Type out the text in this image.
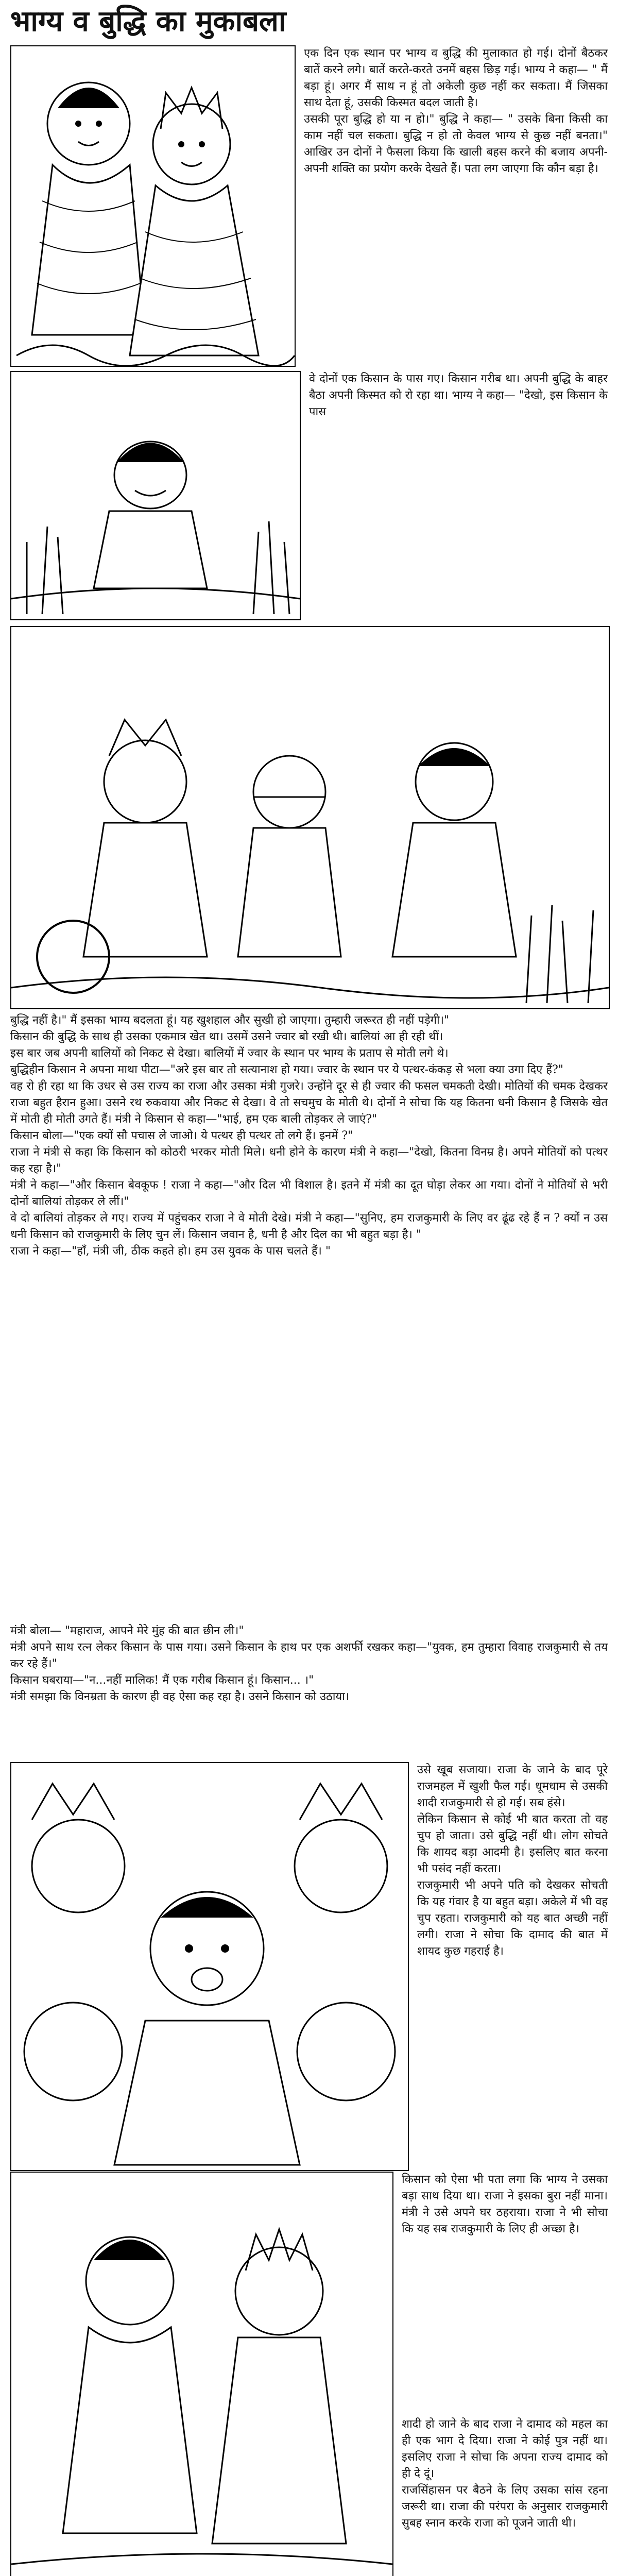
भाग्य व बुद्धि का मुकाबला
एक दिन एक स्थान पर भाग्य व बुद्धि की मुलाकात हो गई। दोनों बैठकर बातें करने लगे। बातें करते-करते उनमें बहस छिड़ गई। भाग्य ने कहा— " मैं बड़ा हूं। अगर मैं साथ न हूं तो अकेली कुछ नहीं कर सकता। मैं जिसका साथ देता हूं, उसकी किस्मत बदल जाती है।
उसकी पूरा बुद्धि हो या न हो।" बुद्धि ने कहा— " उसके बिना किसी का काम नहीं चल सकता। बुद्धि न हो तो केवल भाग्य से कुछ नहीं बनता।" आखिर उन दोनों ने फैसला किया कि खाली बहस करने की बजाय अपनी-अपनी शक्ति का प्रयोग करके देखते हैं। पता लग जाएगा कि कौन बड़ा है।
वे दोनों एक किसान के पास गए। किसान गरीब था। अपनी बुद्धि के बाहर बैठा अपनी किस्मत को रो रहा था। भाग्य ने कहा— "देखो, इस किसान के पास
बुद्धि नहीं है।" मैं इसका भाग्य बदलता हूं। यह खुशहाल और सुखी हो जाएगा। तुम्हारी जरूरत ही नहीं पड़ेगी।"
किसान की बुद्धि के साथ ही उसका एकमात्र खेत था। उसमें उसने ज्वार बो रखी थी। बालियां आ ही रही थीं।
इस बार जब अपनी बालियों को निकट से देखा। बालियों में ज्वार के स्थान पर भाग्य के प्रताप से मोती लगे थे।
बुद्धिहीन किसान ने अपना माथा पीटा—"अरे इस बार तो सत्यानाश हो गया। ज्वार के स्थान पर ये पत्थर-कंकड़ से भला क्या उगा दिए हैं?"
वह रो ही रहा था कि उधर से उस राज्य का राजा और उसका मंत्री गुजरे। उन्होंने दूर से ही ज्वार की फसल चमकती देखी। मोतियों की चमक देखकर राजा बहुत हैरान हुआ। उसने रथ रुकवाया और निकट से देखा। वे तो सचमुच के मोती थे। दोनों ने सोचा कि यह कितना धनी किसान है जिसके खेत में मोती ही मोती उगते हैं। मंत्री ने किसान से कहा—"भाई, हम एक बाली तोड़कर ले जाएं?"
किसान बोला—"एक क्यों सौ पचास ले जाओ। ये पत्थर ही पत्थर तो लगे हैं। इनमें ?"
राजा ने मंत्री से कहा कि किसान को कोठरी भरकर मोती मिले। धनी होने के कारण मंत्री ने कहा—"देखो, कितना विनम्र है। अपने मोतियों को पत्थर कह रहा है।"
मंत्री ने कहा—"और किसान बेवकूफ ! राजा ने कहा—"और दिल भी विशाल है। इतने में मंत्री का दूत घोड़ा लेकर आ गया। दोनों ने मोतियों से भरी दोनों बालियां तोड़कर ले लीं।"
वे दो बालियां तोड़कर ले गए। राज्य में पहुंचकर राजा ने वे मोती देखे। मंत्री ने कहा—"सुनिए, हम राजकुमारी के लिए वर ढूंढ रहे हैं न ? क्यों न उस धनी किसान को राजकुमारी के लिए चुन लें। किसान जवान है, धनी है और दिल का भी बहुत बड़ा है। "
राजा ने कहा—"हाँ, मंत्री जी, ठीक कहते हो। हम उस युवक के पास चलते हैं। "
मंत्री बोला— "महाराज, आपने मेरे मुंह की बात छीन ली।"
मंत्री अपने साथ रत्न लेकर किसान के पास गया। उसने किसान के हाथ पर एक अशर्फी रखकर कहा—"युवक, हम तुम्हारा विवाह राजकुमारी से तय कर रहे हैं।"
किसान घबराया—"न...नहीं मालिक! मैं एक गरीब किसान हूं। किसान... ।"
मंत्री समझा कि विनम्रता के कारण ही वह ऐसा कह रहा है। उसने किसान को उठाया।
उसे खूब सजाया। राजा के जाने के बाद पूरे राजमहल में खुशी फैल गई। धूमधाम से उसकी शादी राजकुमारी से हो गई। सब हंसे।
लेकिन किसान से कोई भी बात करता तो वह चुप हो जाता। उसे बुद्धि नहीं थी। लोग सोचते कि शायद बड़ा आदमी है। इसलिए बात करना भी पसंद नहीं करता।
राजकुमारी भी अपने पति को देखकर सोचती कि यह गंवार है या बहुत बड़ा। अकेले में भी वह चुप रहता। राजकुमारी को यह बात अच्छी नहीं लगी। राजा ने सोचा कि दामाद की बात में शायद कुछ गहराई है।
किसान को ऐसा भी पता लगा कि भाग्य ने उसका बड़ा साथ दिया था। राजा ने इसका बुरा नहीं माना। मंत्री ने उसे अपने घर ठहराया। राजा ने भी सोचा कि यह सब राजकुमारी के लिए ही अच्छा है।
शादी हो जाने के बाद राजा ने दामाद को महल का ही एक भाग दे दिया। राजा ने कोई पुत्र नहीं था। इसलिए राजा ने सोचा कि अपना राज्य दामाद को ही दे दूं।
राजसिंहासन पर बैठने के लिए उसका सांस रहना जरूरी था। राजा की परंपरा के अनुसार राजकुमारी सुबह स्नान करके राजा को पूजने जाती थी।
